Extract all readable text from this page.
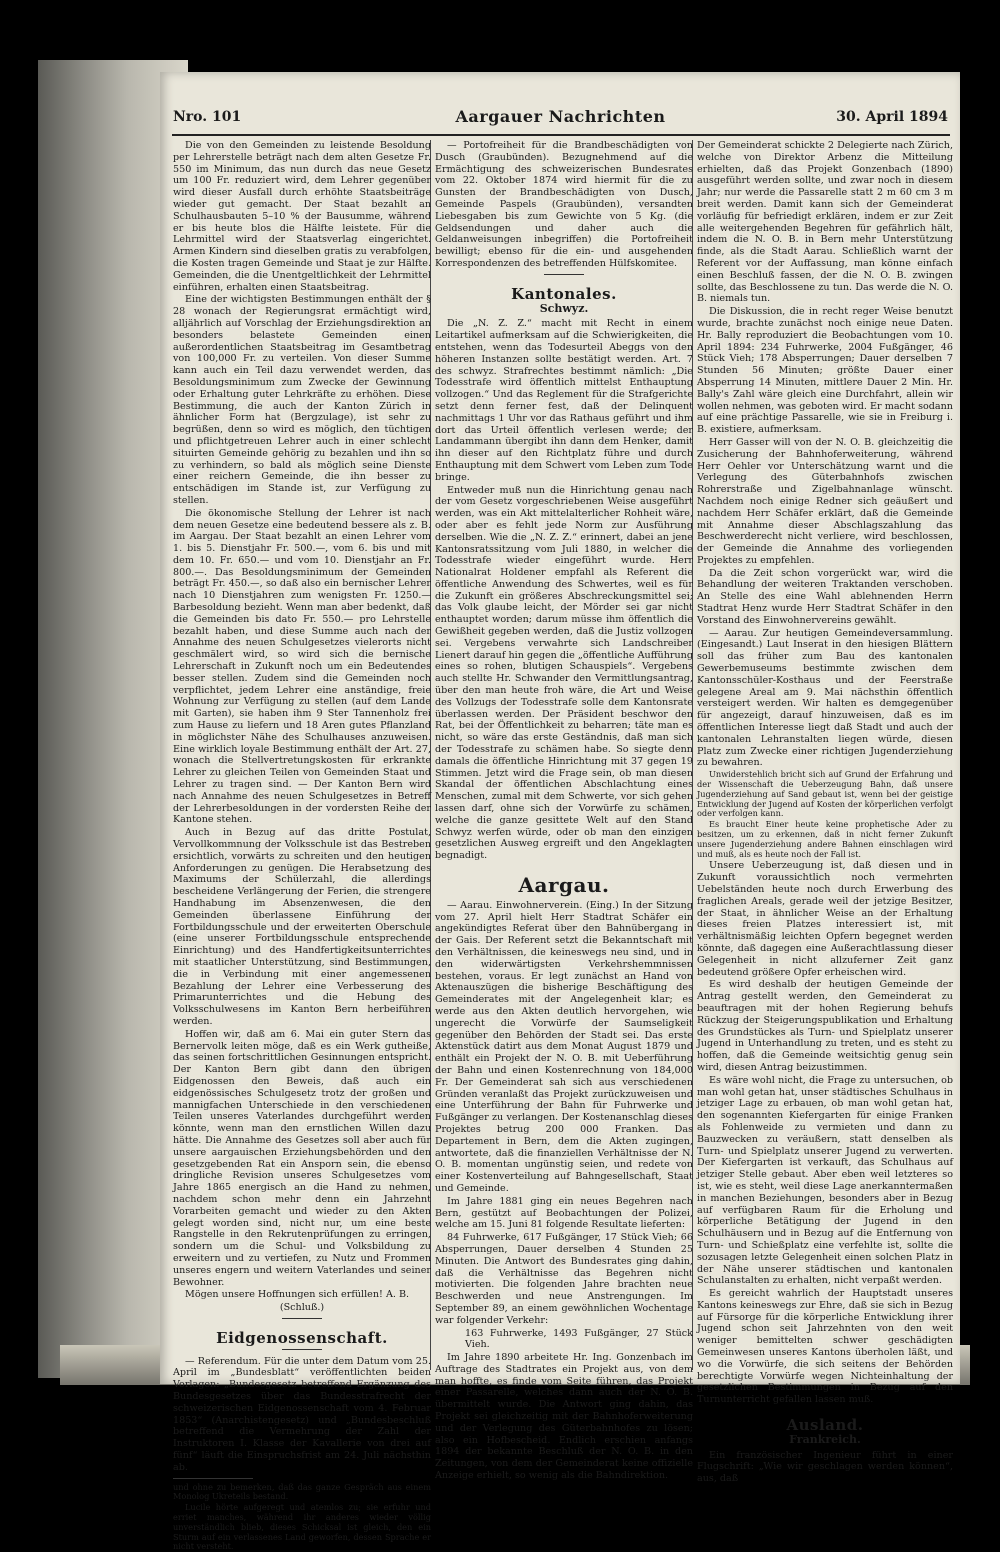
Nro. 101	Aargauer Nachrichten	30. April 1894

Die von den Gemeinden zu leistende Besoldung per Lehrerstelle beträgt nach dem alten Gesetze Fr. 550 im Minimum, das nun durch das neue Gesetz um 100 Fr. reduziert wird, dem Lehrer gegenüber wird dieser Ausfall durch erhöhte Staatsbeiträge wieder gut gemacht. Der Staat bezahlt an Schulhausbauten 5–10 % der Bausumme, während er bis heute blos die Hälfte leistete. Für die Lehrmittel wird der Staatsverlag eingerichtet. Armen Kindern sind dieselben gratis zu verabfolgen, die Kosten tragen Gemeinde und Staat je zur Hälfte. Gemeinden, die die Unentgeltlichkeit der Lehrmittel einführen, erhalten einen Staatsbeitrag.

Eine der wichtigsten Bestimmungen enthält der § 28 wonach der Regierungsrat ermächtigt wird, alljährlich auf Vorschlag der Erziehungsdirektion an besonders belastete Gemeinden einen außerordentlichen Staatsbeitrag im Gesamtbetrag von 100,000 Fr. zu verteilen. Von dieser Summe kann auch ein Teil dazu verwendet werden, das Besoldungsminimum zum Zwecke der Gewinnung oder Erhaltung guter Lehrkräfte zu erhöhen. Diese Bestimmung, die auch der Kanton Zürich in ähnlicher Form hat (Bergzulage), ist sehr zu begrüßen, denn so wird es möglich, den tüchtigen und pflichtgetreuen Lehrer auch in einer schlecht situirten Gemeinde gehörig zu bezahlen und ihn so zu verhindern, so bald als möglich seine Dienste einer reichern Gemeinde, die ihn besser zu entschädigen im Stande ist, zur Verfügung zu stellen.

Die ökonomische Stellung der Lehrer ist nach dem neuen Gesetze eine bedeutend bessere als z. B. im Aargau. Der Staat bezahlt an einen Lehrer vom 1. bis 5. Dienstjahr Fr. 500.—, vom 6. bis und mit dem 10. Fr. 650.— und vom 10. Dienstjahr an Fr. 800.—. Das Besoldungsminimum der Gemeinden beträgt Fr. 450.—, so daß also ein bernischer Lehrer nach 10 Dienstjahren zum wenigsten Fr. 1250.— Barbesoldung bezieht. Wenn man aber bedenkt, daß die Gemeinden bis dato Fr. 550.— pro Lehrstelle bezahlt haben, und diese Summe auch nach der Annahme des neuen Schulgesetzes vielerorts nicht geschmälert wird, so wird sich die bernische Lehrerschaft in Zukunft noch um ein Bedeutendes besser stellen. Zudem sind die Gemeinden noch verpflichtet, jedem Lehrer eine anständige, freie Wohnung zur Verfügung zu stellen (auf dem Lande mit Garten), sie haben ihm 9 Ster Tannenholz frei zum Hause zu liefern und 18 Aren gutes Pflanzland in möglichster Nähe des Schulhauses anzuweisen. Eine wirklich loyale Bestimmung enthält der Art. 27, wonach die Stellvertretungskosten für erkrankte Lehrer zu gleichen Teilen von Gemeinden Staat und Lehrer zu tragen sind. — Der Kanton Bern wird nach Annahme des neuen Schulgesetzes in Betreff der Lehrerbesoldungen in der vordersten Reihe der Kantone stehen.

Auch in Bezug auf das dritte Postulat, Vervollkommnung der Volksschule ist das Bestreben ersichtlich, vorwärts zu schreiten und den heutigen Anforderungen zu genügen. Die Herabsetzung des Maximums der Schülerzahl, die allerdings bescheidene Verlängerung der Ferien, die strengere Handhabung im Absenzenwesen, die den Gemeinden überlassene Einführung der Fortbildungsschule und der erweiterten Oberschule (eine unserer Fortbildungsschule entsprechende Einrichtung) und des Handfertigkeitsunterrichtes mit staatlicher Unterstützung, sind Bestimmungen, die in Verbindung mit einer angemessenen Bezahlung der Lehrer eine Verbesserung des Primarunterrichtes und die Hebung des Volksschulwesens im Kanton Bern herbeiführen werden.

Hoffen wir, daß am 6. Mai ein guter Stern das Bernervolk leiten möge, daß es ein Werk gutheiße, das seinen fortschrittlichen Gesinnungen entspricht. Der Kanton Bern gibt dann den übrigen Eidgenossen den Beweis, daß auch ein eidgenössisches Schulgesetz trotz der großen und mannigfachen Unterschiede in den verschiedenen Teilen unseres Vaterlandes durchgeführt werden könnte, wenn man den ernstlichen Willen dazu hätte. Die Annahme des Gesetzes soll aber auch für unsere aargauischen Erziehungsbehörden und den gesetzgebenden Rat ein Ansporn sein, die ebenso dringliche Revision unseres Schulgesetzes vom Jahre 1865 energisch an die Hand zu nehmen, nachdem schon mehr denn ein Jahrzehnt Vorarbeiten gemacht und wieder zu den Akten gelegt worden sind, nicht nur, um eine beste Rangstelle in den Rekrutenprüfungen zu erringen, sondern um die Schul- und Volksbildung zu erweitern und zu vertiefen, zu Nutz und Frommen unseres engern und weitern Vaterlandes und seiner Bewohner.

Mögen unsere Hoffnungen sich erfüllen! A. B.

(Schluß.)

Eidgenossenschaft.

— Referendum. Für die unter dem Datum vom 25. April im „Bundesblatt“ veröffentlichten beiden Vorlagen: „Bundesgesetz betreffend Ergänzung des Bundesgesetzes über das Bundesstrafrecht der schweizerischen Eidgenossenschaft vom 4. Februar 1853“ (Anarchistengesetz) und „Bundesbeschluß betreffend die Vermehrung der Zahl der Instruktoren I. Klasse der Kavallerie von drei auf fünf“ läuft die Einspruchsfrist am 24. Juli nächsthin ab.

und ohne zu bemerken, daß das ganze Gespräch aus einem Monolog Ukreteils bestand.

Lucile hörte aufgeregt und atemlos zu; sie erfuhr und erriet manches, während ihr anderes wieder völlig unverständlich blieb, dieses Schicksal ist gleich, den ein Sturm auf ein verlassenes Land geworfen, dessen Sprache er nicht versteht.

— Portofreiheit für die Brandbeschädigten von Dusch (Graubünden). Bezugnehmend auf die Ermächtigung des schweizerischen Bundesrates vom 22. Oktober 1874 wird hiermit für die zu Gunsten der Brandbeschädigten von Dusch, Gemeinde Paspels (Graubünden), versandten Liebesgaben bis zum Gewichte von 5 Kg. (die Geldsendungen und daher auch die Geldanweisungen inbegriffen) die Portofreiheit bewilligt; ebenso für die ein- und ausgehenden Korrespondenzen des betreffenden Hülfskomitee.

Kantonales.
Schwyz.

Die „N. Z. Z.“ macht mit Recht in einem Leitartikel aufmerksam auf die Schwierigkeiten, die entstehen, wenn das Todesurteil Abeggs von den höheren Instanzen sollte bestätigt werden. Art. 7 des schwyz. Strafrechtes bestimmt nämlich: „Die Todesstrafe wird öffentlich mittelst Enthauptung vollzogen.“ Und das Reglement für die Strafgerichte setzt denn ferner fest, daß der Delinquent nachmittags 1 Uhr vor das Rathaus geführt und ihm dort das Urteil öffentlich verlesen werde; der Landammann übergibt ihn dann dem Henker, damit ihn dieser auf den Richtplatz führe und durch Enthauptung mit dem Schwert vom Leben zum Tode bringe.

Entweder muß nun die Hinrichtung genau nach der vom Gesetz vorgeschriebenen Weise ausgeführt werden, was ein Akt mittelalterlicher Rohheit wäre, oder aber es fehlt jede Norm zur Ausführung derselben. Wie die „N. Z. Z.“ erinnert, dabei an jene Kantonsratssitzung vom Juli 1880, in welcher die Todesstrafe wieder eingeführt wurde. Herr Nationalrat Holdener empfahl als Referent die öffentliche Anwendung des Schwertes, weil es für die Zukunft ein größeres Abschreckungsmittel sei; das Volk glaube leicht, der Mörder sei gar nicht enthauptet worden; darum müsse ihm öffentlich die Gewißheit gegeben werden, daß die Justiz vollzogen sei. Vergebens verwahrte sich Landschreiber Lienert darauf hin gegen die „öffentliche Aufführung eines so rohen, blutigen Schauspiels“. Vergebens auch stellte Hr. Schwander den Vermittlungsantrag, über den man heute froh wäre, die Art und Weise des Vollzugs der Todesstrafe solle dem Kantonsrate überlassen werden. Der Präsident beschwor den Rat, bei der Öffentlichkeit zu beharren; täte man es nicht, so wäre das erste Geständnis, daß man sich der Todesstrafe zu schämen habe. So siegte denn damals die öffentliche Hinrichtung mit 37 gegen 19 Stimmen. Jetzt wird die Frage sein, ob man diesen Skandal der öffentlichen Abschlachtung eines Menschen, zumal mit dem Schwerte, vor sich gehen lassen darf, ohne sich der Vorwürfe zu schämen, welche die ganze gesittete Welt auf den Stand Schwyz werfen würde, oder ob man den einzigen gesetzlichen Ausweg ergreift und den Angeklagten begnadigt.

Aargau.

— Aarau. Einwohnerverein. (Eing.) In der Sitzung vom 27. April hielt Herr Stadtrat Schäfer ein angekündigtes Referat über den Bahnübergang in der Gais. Der Referent setzt die Bekanntschaft mit den Verhältnissen, die keineswegs neu sind, und in den widerwärtigsten Verkehrshemmnissen bestehen, voraus. Er legt zunächst an Hand von Aktenauszügen die bisherige Beschäftigung des Gemeinderates mit der Angelegenheit klar; es werde aus den Akten deutlich hervorgehen, wie ungerecht die Vorwürfe der Saumseligkeit gegenüber den Behörden der Stadt sei. Das erste Aktenstück datirt aus dem Monat August 1879 und enthält ein Projekt der N. O. B. mit Ueberführung der Bahn und einen Kostenrechnung von 184,000 Fr. Der Gemeinderat sah sich aus verschiedenen Gründen veranlaßt das Projekt zurückzuweisen und eine Unterführung der Bahn für Fuhrwerke und Fußgänger zu verlangen. Der Kostenanschlag dieses Projektes betrug 200 000 Franken. Das Departement in Bern, dem die Akten zugingen, antwortete, daß die finanziellen Verhältnisse der N. O. B. momentan ungünstig seien, und redete von einer Kostenverteilung auf Bahngesellschaft, Staat und Gemeinde.

Im Jahre 1881 ging ein neues Begehren nach Bern, gestützt auf Beobachtungen der Polizei, welche am 15. Juni 81 folgende Resultate lieferten:

84 Fuhrwerke, 617 Fußgänger, 17 Stück Vieh; 66 Absperrungen, Dauer derselben 4 Stunden 25 Minuten. Die Antwort des Bundesrates ging dahin, daß die Verhältnisse das Begehren nicht motivierten. Die folgenden Jahre brachten neue Beschwerden und neue Anstrengungen. Im September 89, an einem gewöhnlichen Wochentage war folgender Verkehr:

163 Fuhrwerke, 1493 Fußgänger, 27 Stück Vieh.

Im Jahre 1890 arbeitete Hr. Ing. Gonzenbach im Auftrage des Stadtrates ein Projekt aus, von dem man hoffte, es finde vom Seite führen, das Projekt einer Passarelle, welches dann auch der N. O. B. übermittelt wurde. Die Antwort ging dahin, das Projekt sei gleichzeitig mit der Bahnhoferweiterung und der Verlegung des Güterbahnhofes zu lösen; also ein Hofbescheid. Endlich erschien anfangs 1894 der bekannte Beschluß der N. O. B. in den Zeitungen, von dem der Gemeinderat keine offizielle Anzeige erhielt, so wenig als die Bahndirektion.

Der Gemeinderat schickte 2 Delegierte nach Zürich, welche von Direktor Arbenz die Mitteilung erhielten, daß das Projekt Gonzenbach (1890) ausgeführt werden sollte, und zwar noch in diesem Jahr; nur werde die Passarelle statt 2 m 60 cm 3 m breit werden. Damit kann sich der Gemeinderat vorläufig für befriedigt erklären, indem er zur Zeit alle weitergehenden Begehren für gefährlich hält, indem die N. O. B. in Bern mehr Unterstützung finde, als die Stadt Aarau. Schließlich warnt der Referent vor der Auffassung, man könne einfach einen Beschluß fassen, der die N. O. B. zwingen sollte, das Beschlossene zu tun. Das werde die N. O. B. niemals tun.

Die Diskussion, die in recht reger Weise benutzt wurde, brachte zunächst noch einige neue Daten. Hr. Bally reproduziert die Beobachtungen vom 10. April 1894: 234 Fuhrwerke, 2004 Fußgänger, 46 Stück Vieh; 178 Absperrungen; Dauer derselben 7 Stunden 56 Minuten; größte Dauer einer Absperrung 14 Minuten, mittlere Dauer 2 Min. Hr. Bally's Zahl wäre gleich eine Durchfahrt, allein wir wollen nehmen, was geboten wird. Er macht sodann auf eine prächtige Passarelle, wie sie in Freiburg i. B. existiere, aufmerksam.

Herr Gasser will von der N. O. B. gleichzeitig die Zusicherung der Bahnhoferweiterung, während Herr Oehler vor Unterschätzung warnt und die Verlegung des Güterbahnhofs zwischen Rohrerstraße und Zigelbahnanlage wünscht. Nachdem noch einige Redner sich geäußert und nachdem Herr Schäfer erklärt, daß die Gemeinde mit Annahme dieser Abschlagszahlung das Beschwerderecht nicht verliere, wird beschlossen, der Gemeinde die Annahme des vorliegenden Projektes zu empfehlen.

Da die Zeit schon vorgerückt war, wird die Behandlung der weiteren Traktanden verschoben. An Stelle des eine Wahl ablehnenden Herrn Stadtrat Henz wurde Herr Stadtrat Schäfer in den Vorstand des Einwohnervereins gewählt.

— Aarau. Zur heutigen Gemeindeversammlung. (Eingesandt.) Laut Inserat in den hiesigen Blättern soll das früher zum Bau des kantonalen Gewerbemuseums bestimmte zwischen dem Kantonsschüler-Kosthaus und der Feerstraße gelegene Areal am 9. Mai nächsthin öffentlich versteigert werden. Wir halten es demgegenüber für angezeigt, darauf hinzuweisen, daß es im öffentlichen Interesse liegt daß Stadt und auch der kantonalen Lehranstalten liegen würde, diesen Platz zum Zwecke einer richtigen Jugenderziehung zu bewahren.

Unwiderstehlich bricht sich auf Grund der Erfahrung und der Wissenschaft die Ueberzeugung Bahn, daß unsere Jugenderziehung auf Sand gebaut ist, wenn bei der geistige Entwicklung der Jugend auf Kosten der körperlichen verfolgt oder verfolgen kann.

Es braucht Einer heute keine prophetische Ader zu besitzen, um zu erkennen, daß in nicht ferner Zukunft unsere Jugenderziehung andere Bahnen einschlagen wird und muß, als es heute noch der Fall ist.

Unsere Ueberzeugung ist, daß diesen und in Zukunft voraussichtlich noch vermehrten Uebelständen heute noch durch Erwerbung des fraglichen Areals, gerade weil der jetzige Besitzer, der Staat, in ähnlicher Weise an der Erhaltung dieses freien Platzes interessiert ist, mit verhältnismäßig leichten Opfern begegnet werden könnte, daß dagegen eine Außerachtlassung dieser Gelegenheit in nicht allzuferner Zeit ganz bedeutend größere Opfer erheischen wird.

Es wird deshalb der heutigen Gemeinde der Antrag gestellt werden, den Gemeinderat zu beauftragen mit der hohen Regierung behufs Rückzug der Steigerungspublikation und Erhaltung des Grundstückes als Turn- und Spielplatz unserer Jugend in Unterhandlung zu treten, und es steht zu hoffen, daß die Gemeinde weitsichtig genug sein wird, diesen Antrag beizustimmen.

Es wäre wohl nicht, die Frage zu untersuchen, ob man wohl getan hat, unser städtisches Schulhaus in jetziger Lage zu erbauen, ob man wohl getan hat, den sogenannten Kiefergarten für einige Franken als Fohlenweide zu vermieten und dann zu Bauzwecken zu veräußern, statt denselben als Turn- und Spielplatz unserer Jugend zu verwerten. Der Kiefergarten ist verkauft, das Schulhaus auf jetziger Stelle gebaut. Aber eben weil letzteres so ist, wie es steht, weil diese Lage anerkanntermaßen in manchen Beziehungen, besonders aber in Bezug auf verfügbaren Raum für die Erholung und körperliche Betätigung der Jugend in den Schulhäusern und in Bezug auf die Entfernung von Turn- und Schießplatz eine verfehlte ist, sollte die sozusagen letzte Gelegenheit einen solchen Platz in der Nähe unserer städtischen und kantonalen Schulanstalten zu erhalten, nicht verpaßt werden.

Es gereicht wahrlich der Hauptstadt unseres Kantons keineswegs zur Ehre, daß sie sich in Bezug auf Fürsorge für die körperliche Entwicklung ihrer Jugend schon seit Jahrzehnten von den weit weniger bemittelten schwer geschädigten Gemeinwesen unseres Kantons überholen läßt, und wo die Vorwürfe, die sich seitens der Behörden berechtigte Vorwürfe wegen Nichteinhaltung der gesetzlichen Bestimmungen in Bezug auf den Turnunterricht gefallen lassen muß.

Ausland.
Frankreich.

Ein französischer Ingenieur führt in einer Flugschrift: „Wie wir geschlagen werden können“, aus, daß
